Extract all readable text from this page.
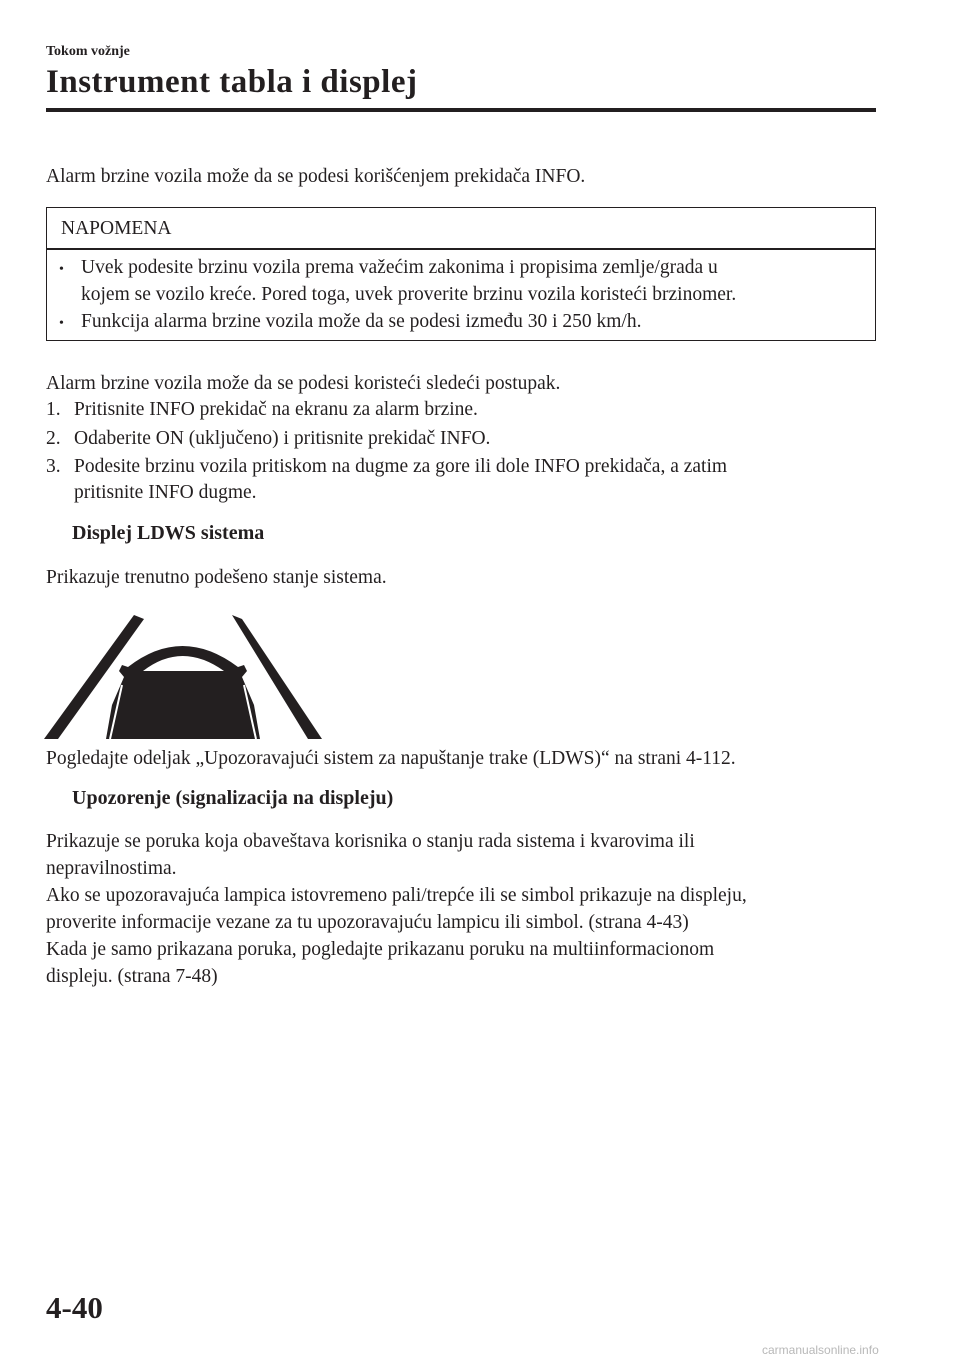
Tokom vožnje
Instrument tabla i displej
Alarm brzine vozila može da se podesi korišćenjem prekidača INFO.
NAPOMENA
• Uvek podesite brzinu vozila prema važećim zakonima i propisima zemlje/grada u
kojem se vozilo kreće. Pored toga, uvek proverite brzinu vozila koristeći brzinomer.
• Funkcija alarma brzine vozila može da se podesi između 30 i 250 km/h.
Alarm brzine vozila može da se podesi koristeći sledeći postupak.
1. Pritisnite INFO prekidač na ekranu za alarm brzine.
2. Odaberite ON (uključeno) i pritisnite prekidač INFO.
3. Podesite brzinu vozila pritiskom na dugme za gore ili dole INFO prekidača, a zatim
pritisnite INFO dugme.
Displej LDWS sistema
Prikazuje trenutno podešeno stanje sistema.
Pogledajte odeljak „Upozoravajući sistem za napuštanje trake (LDWS)“ na strani 4-112.
Upozorenje (signalizacija na displeju)
Prikazuje se poruka koja obaveštava korisnika o stanju rada sistema i kvarovima ili
nepravilnostima.
Ako se upozoravajuća lampica istovremeno pali/trepće ili se simbol prikazuje na displeju,
proverite informacije vezane za tu upozoravajuću lampicu ili simbol. (strana 4-43)
Kada je samo prikazana poruka, pogledajte prikazanu poruku na multiinformacionom
displeju. (strana 7-48)
4-40
carmanualsonline.info
